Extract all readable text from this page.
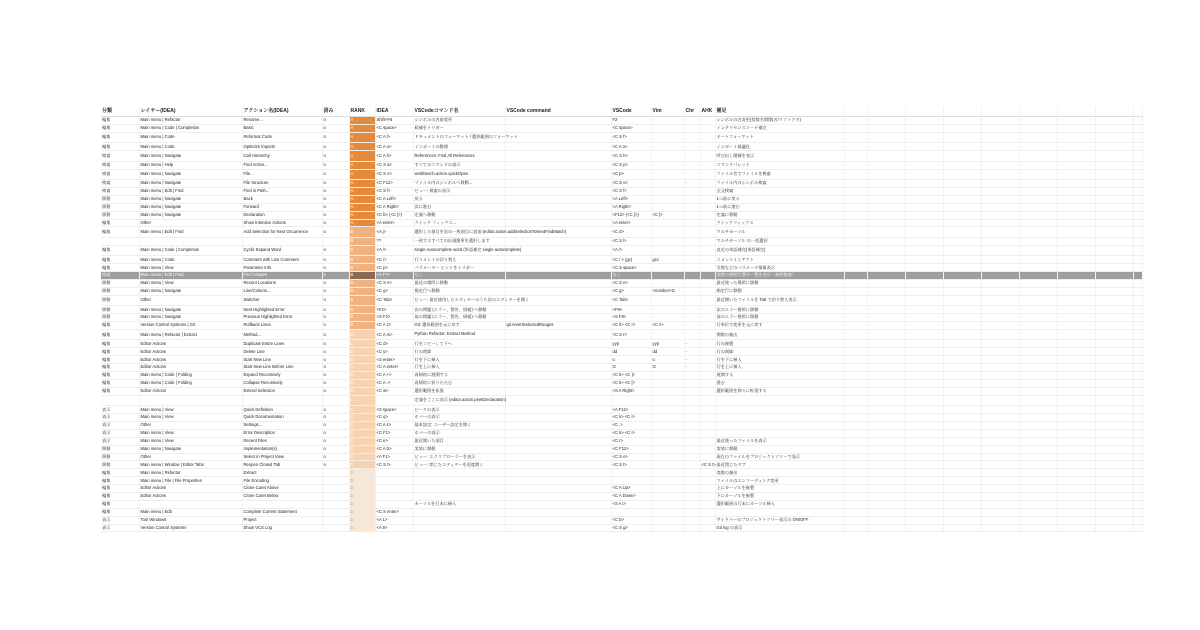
分類	レイヤー(IDEA)	アクション名(IDEA)	済み	RANK	IDEA	VSCodeコマンド名	VSCode command	VSCode	Vim	Chr	AHK	補足									
編集	Main menu | Refactor	Rename...	o	A	Shift+F6	シンボルの名前変更		F2				シンボルの名変更(変数名/関数名/リファクタ)									
編集	Main menu | Code | Completion	Basic	o	A	<C space>	候補をトリガー		<C space>				インテリセンスコード補完									
編集	Main menu | Code	Reformat Code	o	A	<C A l>	ドキュメントのフォーマット / 選択範囲のフォーマット		<C S f>				オートフォーマット									
編集	Main menu | Code	Optimize Imports	o	A	<C A o>	インポートの整理		<C A o>				インポート最適化									
検索	Main menu | Navigate	Call Hierarchy	o	A	<C A h>	References: Find All References		<C S h>				呼び出し階層を表示									
検索	Main menu | Help	Find Action...	o	A	<C S a>	すべてのコマンドの表示		<C S p>				コマンドパレット									
検索	Main menu | Navigate	File...	o	A	<C S n>	workbench.action.quickOpen		<C p>				ファイル名でファイルを検索									
検索	Main menu | Navigate	File Structure	o	A	<C F12>	ファイル内のシンボルへ移動...		<C S o>		-		ファイル内のシンボル検索									
検索	Main menu | Edit | Find	Find in Path...	o	A	<C S f>	ビュー: 検索の表示		<C S f>				全文検索									
移動	Main menu | Navigate	Back	o	A	<C A Left>	戻る		<A Left>				1つ前に戻る									
移動	Main menu | Navigate	Forward	o	A	<C A Right>	次に進む		<A Right>				1つ前に進む									
移動	Main menu | Navigate	Declaration	o	A	<C b> (<C [>)	定義へ移動		<F12> (<C [>)	<C ]>			定義に移動									
編集	Other	Show Intention Actions	o	A	<A enter>	クイック フィックス...		<A enter>				クイックフィックス									
編集	Main menu | Edit | Find	Add Selection for Next Occurrence	o	B	<A j>	選択した項目を次の一致項目に追加 (editor.action.addSelectionToNextFindMatch)		<C d>				マルチカーソル									
				B	??	一致するすべての出現箇所を選択します		<C S l>				マルチカーソル の一括選択									
編集	Main menu | Code | Completion	Cyclic Expand Word	o	B	<A />	single Autocomplete word (単語補完 single autocomplete)		<A />				直近の単語補完(単語補完)									
編集	Main menu | Code	Comment with Line Comment	o	B	<C />	行コメントの切り替え		<C / > (gc)	gcc			コメントインアウト									
編集	Main menu | View	Parameter Info	o	B	<C p>	パラメーター ヒントをトリガー		<C S space>				引数などのパラメータ情報表示									
検索	Main menu | Edit | Find	Find Usages	o	B	<A F7>	なし		なし				変数の参照位置の一覧を表示（参照検索）									
移動	Main menu | View	Recent Locations	o	B	<C S e>	最近の場所に移動		<C S e>				最近使った場所に移動									
移動	Main menu | Navigate	Line/Column...	o	B	<C g>	指定行へ移動		<C g>	<number>G			指定行に移動									
移動	Other	Switcher	o	B	<C Tab>	ビュー: 最近使用したエディターのうち次のエディターを開く		<C Tab>				最近開いたファイルを Tab で切り替え表示									
移動	Main menu | Navigate	Next Highlighted Error	o	B	<F2>	次の問題 (エラー、警告、情報) へ移動		<F8>				次のエラー箇所に移動									
移動	Main menu | Navigate	Previous Highlighted Error	o	B	<S F2>	前の問題 (エラー、警告、情報) へ移動		<S F8>				前のエラー箇所に移動									
編集	Version Control Systems | Git	Rollback Lines	o	B	<C A z>	Git: 選択範囲を元に戻す	git.revertSelectedRanges	<C k> <C r>	<C z>			行単位で変更を元に戻す									
編集	Main menu | Refactor | Extract	Method...	o	C	<C A m>	Python Refactor: Extract Method		<C S r>				関数の抽出									
編集	Editor Actions	Duplicate Entire Lines	o	C	<C d>	行をコピーして下へ		yyp	yyp	-		行の複製									
編集	Editor Actions	Delete Line	o	C	<C y>	行の削除		dd	dd	-		行の削除									
編集	Editor Actions	Start New Line	o	C	<S enter>	行を下に挿入		o	o	-		行を下に挿入									
編集	Editor Actions	Start New Line Before Line	o	C	<C A enter>	行を上に挿入		O	O	-		行を上に挿入									
編集	Main menu | Code | Folding	Expand Recursively	o	C	<C A +>	再帰的に展開する		<C k> <C ]>				展開する									
編集	Main menu | Code | Folding	Collapse Recursively	o	C	<C A ->	再帰的に折りたたむ		<C k> <C [>				畳む									
編集	Editor Actions	Extend Selection	o	C	<C w>	選択範囲を拡張		<S A Right>				選択範囲を徐々に拡張する									
				C		定義をここに表示 (editor.action.peekDeclaration)															
表示	Main menu | View	Quick Definition	o	C	<S space>	ピークの表示		<A F12>													
表示	Main menu | View	Quick Documentation	o	C	<C q>	ホバーの表示		<C k> <C i>													
表示	Other	Settings...	o	C	<C A s>	基本設定: ユーザー設定を開く		<C ,>													
表示	Main menu | View	Error Description	o	C	<C F1>	ホバーの表示		<C k> <C i>													
表示	Main menu | View	Recent Files	o	C	<C e>	最近開いた項目		<C r>				最近使ったファイルを表示									
移動	Main menu | Navigate	Implementation(s)	o	C	<C A b>	実装に移動		<C F12>				実装に移動									
移動	Other	Select in Project View	o	C	<A F1>	ビュー: エクスプローラーを表示		<C S e>				現在のファイルをプロジェクトツリーで表示									
移動	Main menu | Window | Editor Tabs	Reopen Closed Tab	o	C	<C S t>	ビュー: 閉じたエディターを再度開く		<C S t>			<C S t>	最近閉じたタブ									
編集	Main menu | Refactor	Extract		D								変数の抽出									
編集	Main menu | File | File Properties	File Encoding		D								ファイルのエンコーディング変更									
編集	Editor Actions	Clone Caret Above		D				<C A Up>				上にカーソルを複製									
編集	Editor Actions	Clone Caret Below		D				<C A Down>				下にカーソルを複製									
編集				D		カーソルを行末に挿入		<S A i>				選択範囲の行末にカーソル挿入									
編集	Main menu | Edit	Complete Current Statement		D	<C S enter>																
表示	Tool Windows	Project		D	<A 1>			<C b>				サイドバーのプロジェクトツリー表示の ON/OFF									
表示	Version Control Systems	Show VCS Log		D	<A 9>			<C S g>				Git log の表示									
